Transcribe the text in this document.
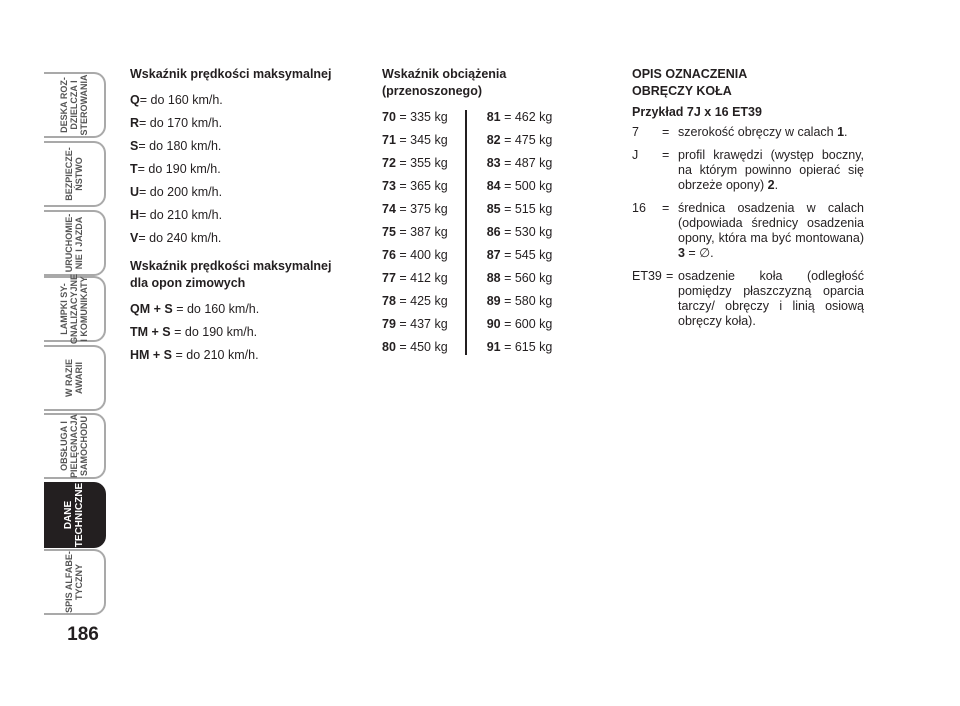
DESKA ROZ- DZIELCZA I STEROWANIA
BEZPIECZE- ŃSTWO
URUCHOMIE- NIE I JAZDA
LAMPKI SY- GNALIZACYJNE I KOMUNIKATY
W RAZIE AWARII
OBSŁUGA I PIELĘGNACJA SAMOCHODU
DANE TECHNICZNE
SPIS ALFABE- TYCZNY
186
Wskaźnik prędkości maksymalnej
Q= do 160 km/h.
R= do 170 km/h.
S= do 180 km/h.
T= do 190 km/h.
U= do 200 km/h.
H= do 210 km/h.
V= do 240 km/h.
Wskaźnik prędkości maksymalnej
dla opon zimowych
QM + S = do 160 km/h.
TM + S = do 190 km/h.
HM + S = do 210 km/h.
Wskaźnik obciążenia
(przenoszonego)
70 = 335 kg
71 = 345 kg
72 = 355 kg
73 = 365 kg
74 = 375 kg
75 = 387 kg
76 = 400 kg
77 = 412 kg
78 = 425 kg
79 = 437 kg
80 = 450 kg
81 = 462 kg
82 = 475 kg
83 = 487 kg
84 = 500 kg
85 = 515 kg
86 = 530 kg
87 = 545 kg
88 = 560 kg
89 = 580 kg
90 = 600 kg
91 = 615 kg
OPIS OZNACZENIA
OBRĘCZY KOŁA
Przykład 7J x 16 ET39
7	= szerokość obręczy w calach 1.
J	= profil krawędzi (występ boczny, na którym powinno opierać się obrzeże opony) 2.
16	= średnica osadzenia w calach (odpowiada średnicy osadzenia opony, która ma być montowana) 3 = ∅.
ET39 = osadzenie koła (odległość pomiędzy płaszczyzną oparcia tarczy/ obręczy i linią osiową obręczy koła).
